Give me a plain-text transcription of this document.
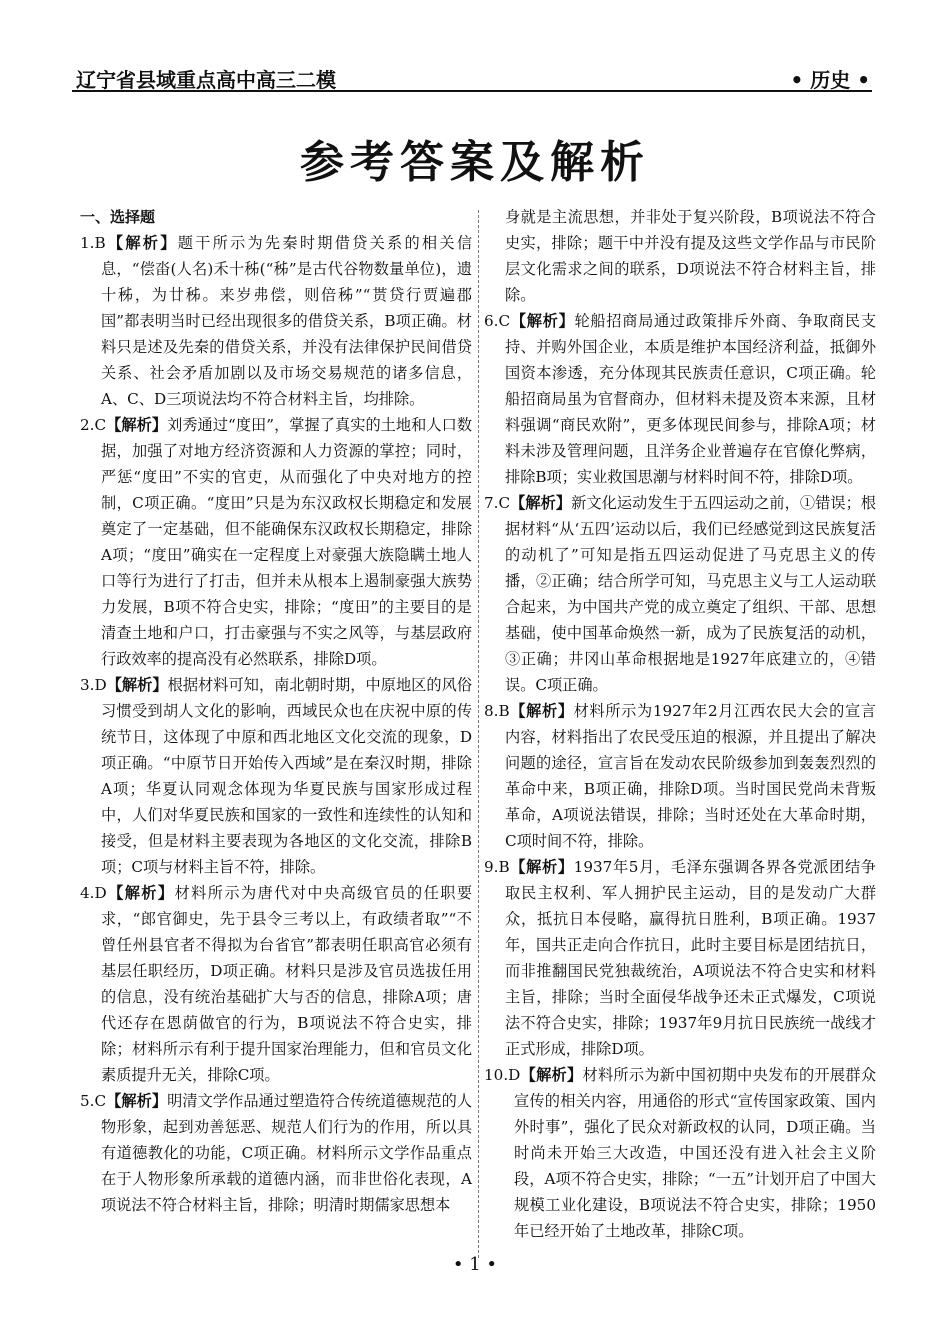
辽宁省县域重点高中高三二模	• 历史 •
参考答案及解析
一、选择题

1.B【解析】题干所示为先秦时期借贷关系的相关信息，“偿畓(人名)禾十秭(“秭”是古代谷物数量单位)，遗十秭，为廿秭。来岁弗偿，则倍秭”“贳贷行贾遍郡国”都表明当时已经出现很多的借贷关系，B项正确。材料只是述及先秦的借贷关系，并没有法律保护民间借贷关系、社会矛盾加剧以及市场交易规范的诸多信息，A、C、D三项说法均不符合材料主旨，均排除。

2.C【解析】刘秀通过“度田”，掌握了真实的土地和人口数据，加强了对地方经济资源和人力资源的掌控；同时，严惩“度田”不实的官吏，从而强化了中央对地方的控制，C项正确。“度田”只是为东汉政权长期稳定和发展奠定了一定基础，但不能确保东汉政权长期稳定，排除A项；“度田”确实在一定程度上对豪强大族隐瞒土地人口等行为进行了打击，但并未从根本上遏制豪强大族势力发展，B项不符合史实，排除；“度田”的主要目的是清查土地和户口，打击豪强与不实之风等，与基层政府行政效率的提高没有必然联系，排除D项。

3.D【解析】根据材料可知，南北朝时期，中原地区的风俗习惯受到胡人文化的影响，西域民众也在庆祝中原的传统节日，这体现了中原和西北地区文化交流的现象，D项正确。“中原节日开始传入西域”是在秦汉时期，排除A项；华夏认同观念体现为华夏民族与国家形成过程中，人们对华夏民族和国家的一致性和连续性的认知和接受，但是材料主要表现为各地区的文化交流，排除B项；C项与材料主旨不符，排除。

4.D【解析】材料所示为唐代对中央高级官员的任职要求，“郎官御史，先于县令三考以上，有政绩者取”“不曾任州县官者不得拟为台省官”都表明任职高官必须有基层任职经历，D项正确。材料只是涉及官员选拔任用的信息，没有统治基础扩大与否的信息，排除A项；唐代还存在恩荫做官的行为，B项说法不符合史实，排除；材料所示有利于提升国家治理能力，但和官员文化素质提升无关，排除C项。

5.C【解析】明清文学作品通过塑造符合传统道德规范的人物形象，起到劝善惩恶、规范人们行为的作用，所以具有道德教化的功能，C项正确。材料所示文学作品重点在于人物形象所承载的道德内涵，而非世俗化表现，A项说法不符合材料主旨，排除；明清时期儒家思想本

身就是主流思想，并非处于复兴阶段，B项说法不符合史实，排除；题干中并没有提及这些文学作品与市民阶层文化需求之间的联系，D项说法不符合材料主旨，排除。

6.C【解析】轮船招商局通过政策排斥外商、争取商民支持、并购外国企业，本质是维护本国经济利益，抵御外国资本渗透，充分体现其民族责任意识，C项正确。轮船招商局虽为官督商办，但材料未提及资本来源，且材料强调“商民欢附”，更多体现民间参与，排除A项；材料未涉及管理问题，且洋务企业普遍存在官僚化弊病，排除B项；实业救国思潮与材料时间不符，排除D项。

7.C【解析】新文化运动发生于五四运动之前，①错误；根据材料“从‘五四’运动以后，我们已经感觉到这民族复活的动机了”可知是指五四运动促进了马克思主义的传播，②正确；结合所学可知，马克思主义与工人运动联合起来，为中国共产党的成立奠定了组织、干部、思想基础，使中国革命焕然一新，成为了民族复活的动机，③正确；井冈山革命根据地是1927年底建立的，④错误。C项正确。

8.B【解析】材料所示为1927年2月江西农民大会的宣言内容，材料指出了农民受压迫的根源，并且提出了解决问题的途径，宣言旨在发动农民阶级参加到轰轰烈烈的革命中来，B项正确，排除D项。当时国民党尚未背叛革命，A项说法错误，排除；当时还处在大革命时期，C项时间不符，排除。

9.B【解析】1937年5月，毛泽东强调各界各党派团结争取民主权利、军人拥护民主运动，目的是发动广大群众，抵抗日本侵略，赢得抗日胜利，B项正确。1937年，国共正走向合作抗日，此时主要目标是团结抗日，而非推翻国民党独裁统治，A项说法不符合史实和材料主旨，排除；当时全面侵华战争还未正式爆发，C项说法不符合史实，排除；1937年9月抗日民族统一战线才正式形成，排除D项。

10.D【解析】材料所示为新中国初期中央发布的开展群众宣传的相关内容，用通俗的形式“宣传国家政策、国内外时事”，强化了民众对新政权的认同，D项正确。当时尚未开始三大改造，中国还没有进入社会主义阶段，A项不符合史实，排除；“一五”计划开启了中国大规模工业化建设，B项说法不符合史实，排除；1950年已经开始了土地改革，排除C项。

• 1 •
